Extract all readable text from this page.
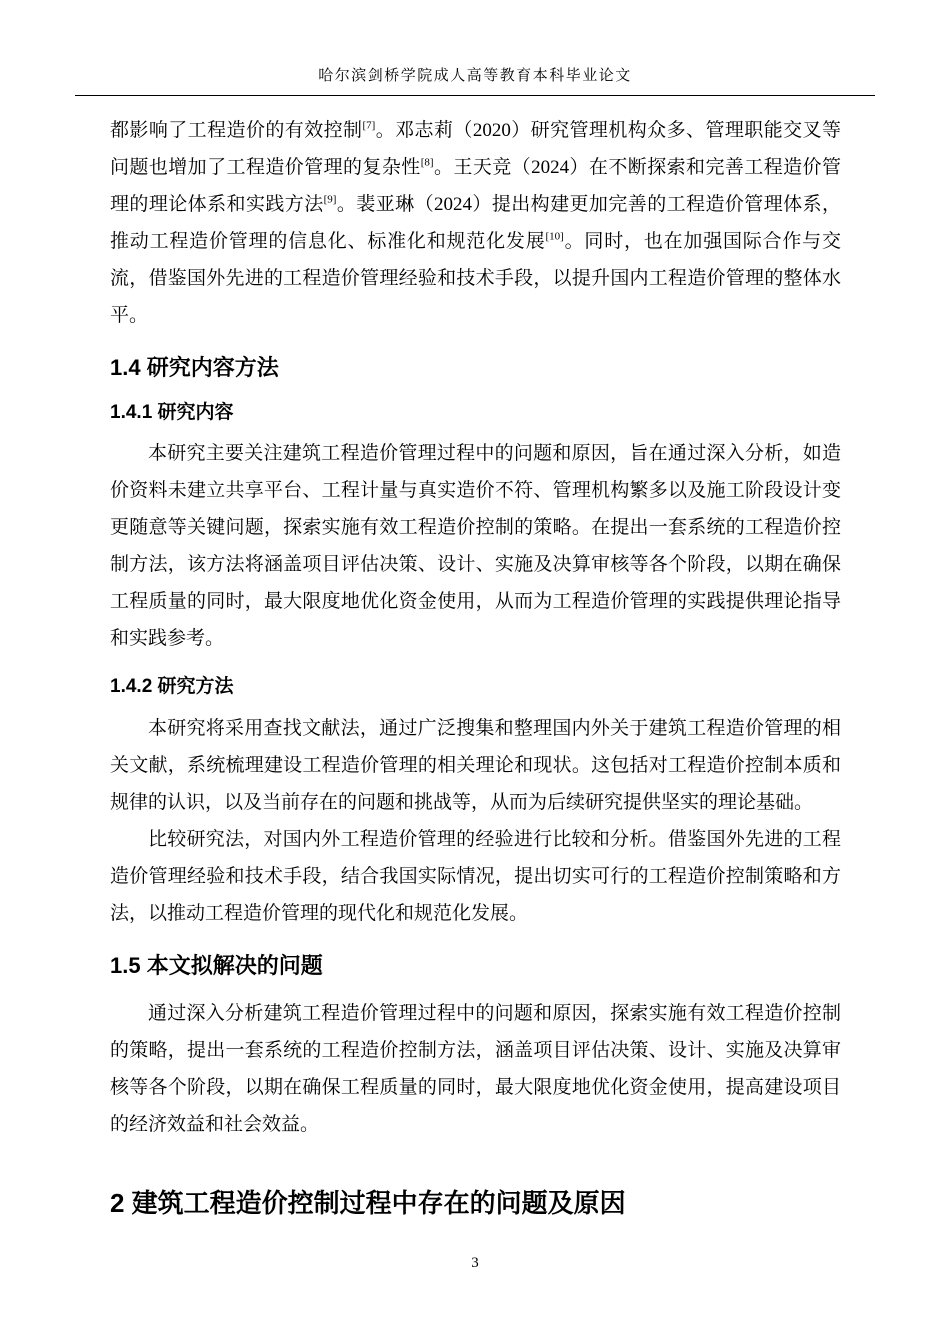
哈尔滨剑桥学院成人高等教育本科毕业论文

都影响了工程造价的有效控制[7]。邓志莉（2020）研究管理机构众多、管理职能交叉等问题也增加了工程造价管理的复杂性[8]。王天竞（2024）在不断探索和完善工程造价管理的理论体系和实践方法[9]。裴亚琳（2024）提出构建更加完善的工程造价管理体系，推动工程造价管理的信息化、标准化和规范化发展[10]。同时，也在加强国际合作与交流，借鉴国外先进的工程造价管理经验和技术手段，以提升国内工程造价管理的整体水平。

1.4 研究内容方法
1.4.1 研究内容

本研究主要关注建筑工程造价管理过程中的问题和原因，旨在通过深入分析，如造价资料未建立共享平台、工程计量与真实造价不符、管理机构繁多以及施工阶段设计变更随意等关键问题，探索实施有效工程造价控制的策略。在提出一套系统的工程造价控制方法，该方法将涵盖项目评估决策、设计、实施及决算审核等各个阶段，以期在确保工程质量的同时，最大限度地优化资金使用，从而为工程造价管理的实践提供理论指导和实践参考。

1.4.2 研究方法

本研究将采用查找文献法，通过广泛搜集和整理国内外关于建筑工程造价管理的相关文献，系统梳理建设工程造价管理的相关理论和现状。这包括对工程造价控制本质和规律的认识，以及当前存在的问题和挑战等，从而为后续研究提供坚实的理论基础。

比较研究法，对国内外工程造价管理的经验进行比较和分析。借鉴国外先进的工程造价管理经验和技术手段，结合我国实际情况，提出切实可行的工程造价控制策略和方法，以推动工程造价管理的现代化和规范化发展。

1.5 本文拟解决的问题

通过深入分析建筑工程造价管理过程中的问题和原因，探索实施有效工程造价控制的策略，提出一套系统的工程造价控制方法，涵盖项目评估决策、设计、实施及决算审核等各个阶段，以期在确保工程质量的同时，最大限度地优化资金使用，提高建设项目的经济效益和社会效益。

2 建筑工程造价控制过程中存在的问题及原因
3
